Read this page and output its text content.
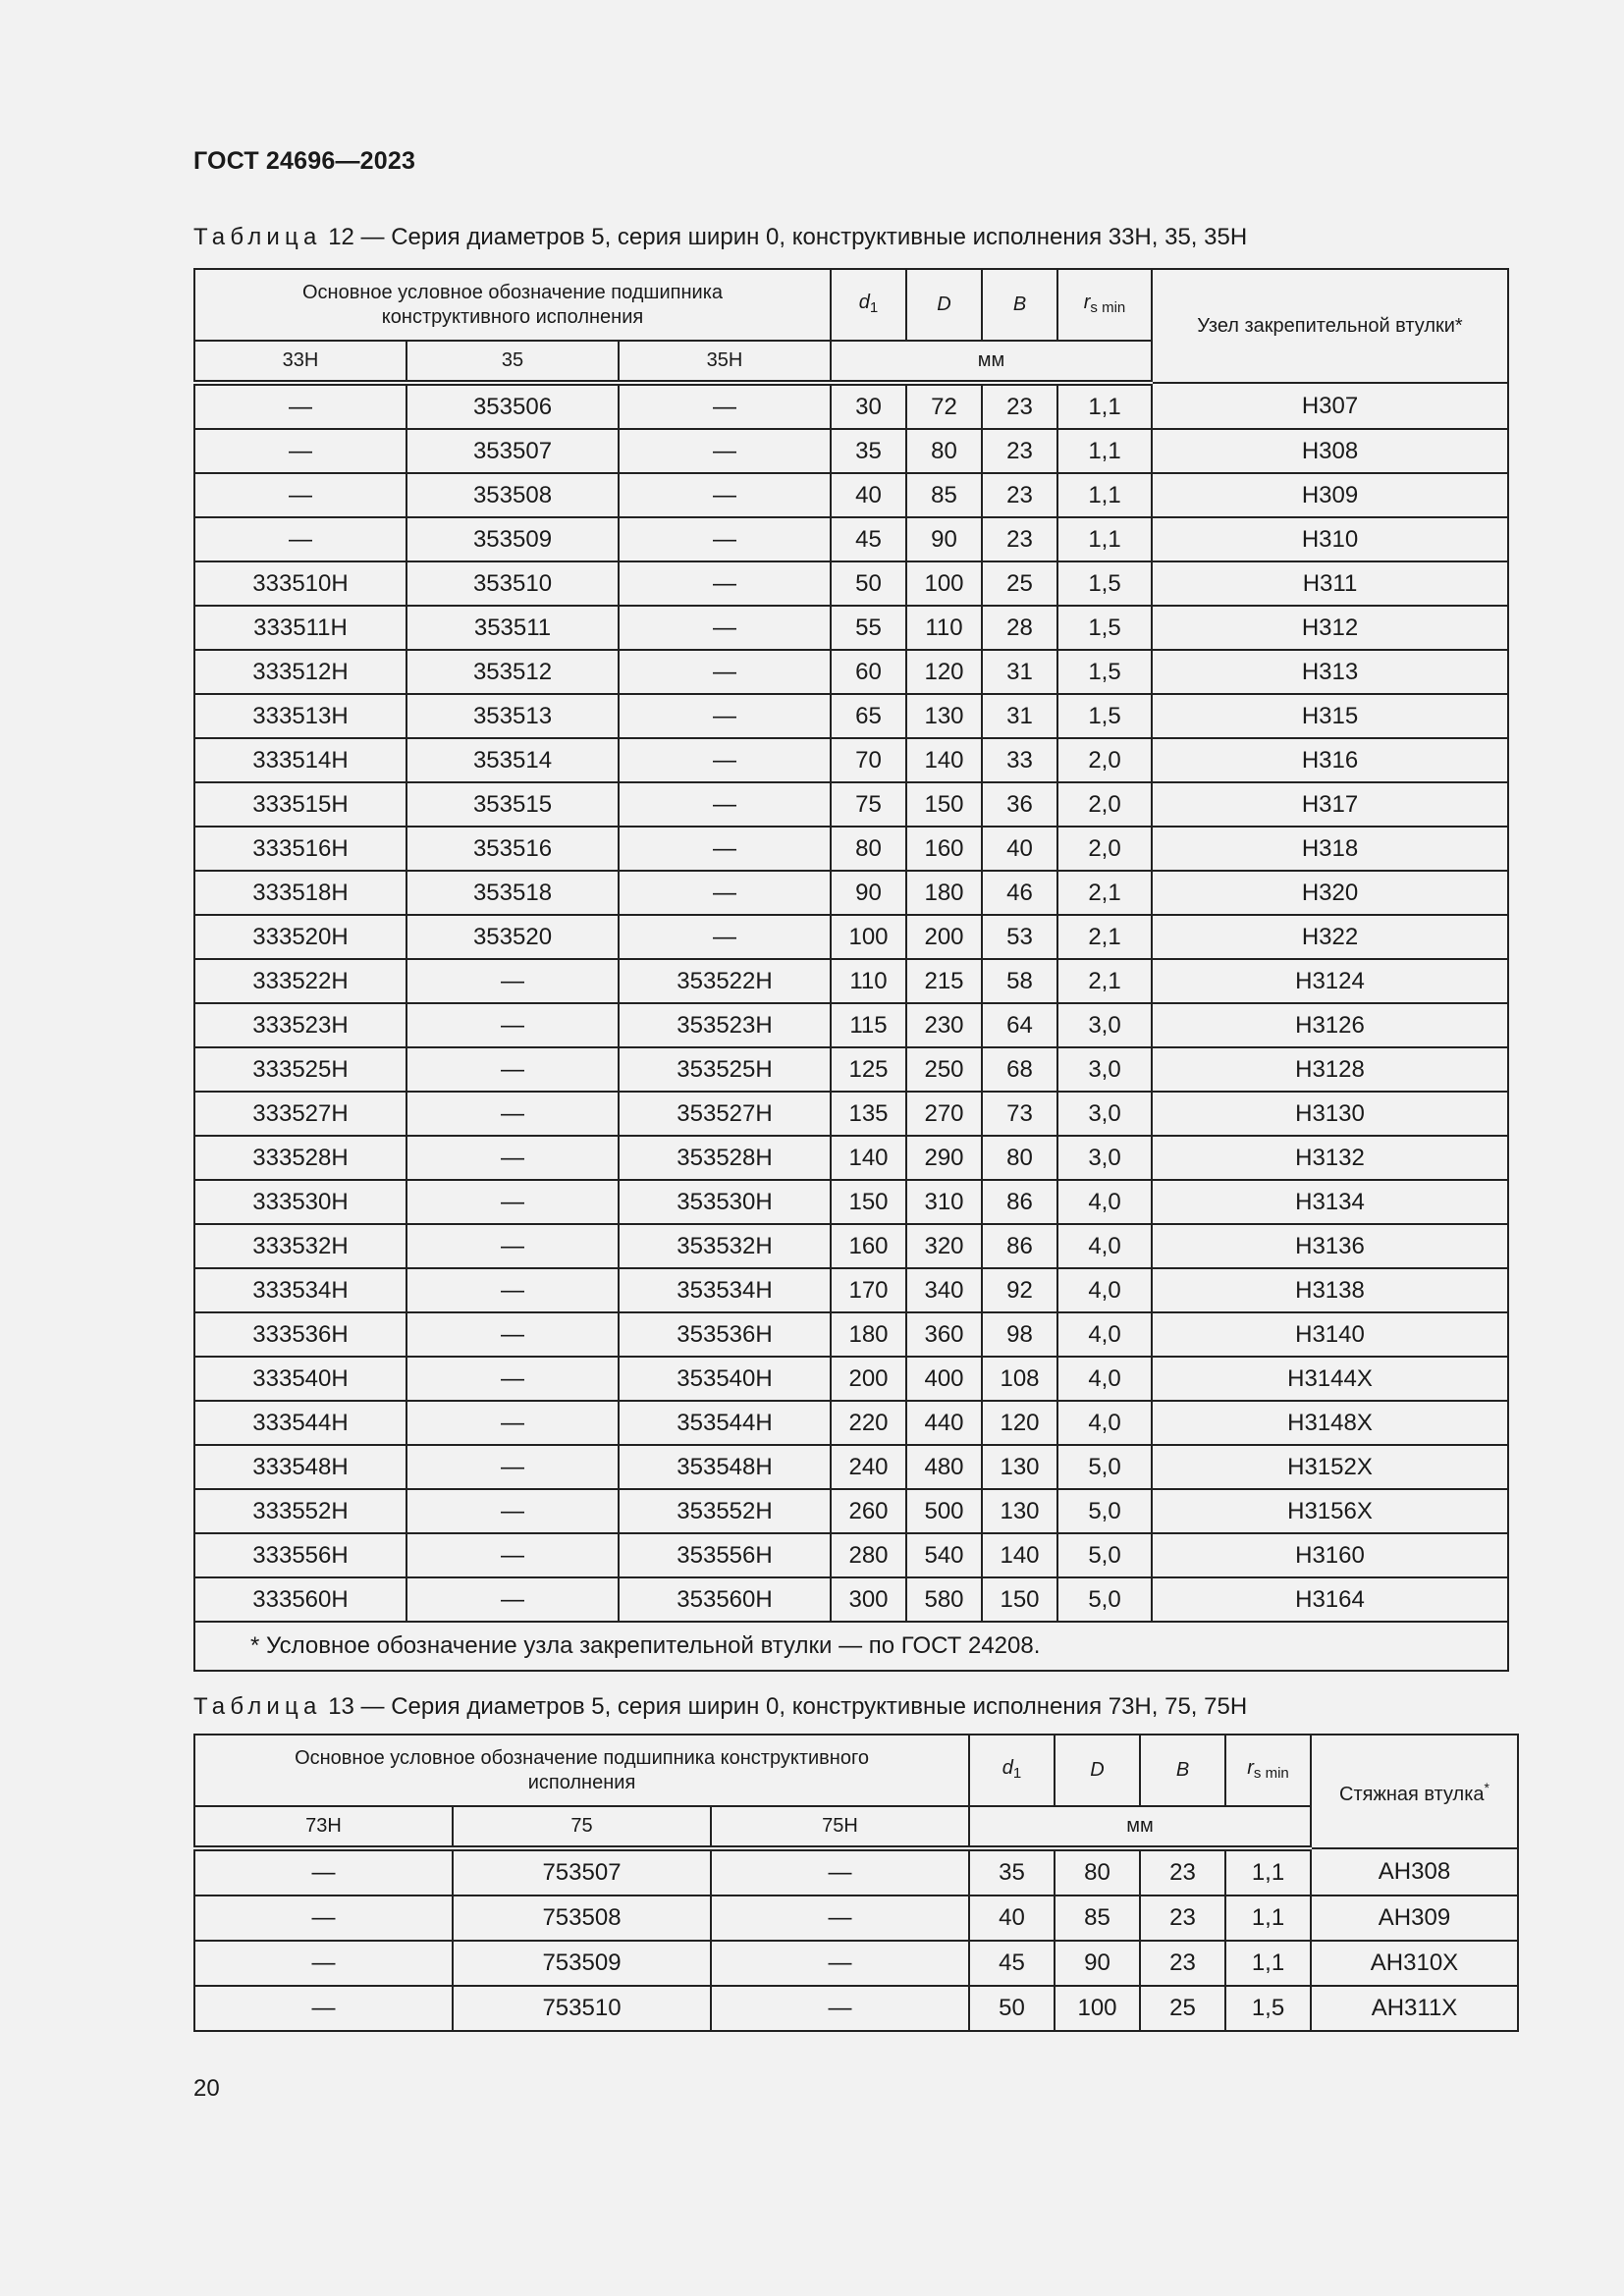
ГОСТ 24696—2023
Таблица 12 — Серия диаметров 5, серия ширин 0, конструктивные исполнения 33Н, 35, 35Н
Основное условное обозначение подшипника конструктивного исполнения			$d_1$	D	B	$r_{s min}$	Узел закрепительной втулки*
33Н	35	35Н	мм				
—	353506	—	30	72	23	1,1	Н307
—	353507	—	35	80	23	1,1	Н308
—	353508	—	40	85	23	1,1	Н309
—	353509	—	45	90	23	1,1	Н310
333510Н	353510	—	50	100	25	1,5	Н311
333511Н	353511	—	55	110	28	1,5	Н312
333512Н	353512	—	60	120	31	1,5	Н313
333513Н	353513	—	65	130	31	1,5	Н315
333514Н	353514	—	70	140	33	2,0	Н316
333515Н	353515	—	75	150	36	2,0	Н317
333516Н	353516	—	80	160	40	2,0	Н318
333518Н	353518	—	90	180	46	2,1	Н320
333520Н	353520	—	100	200	53	2,1	Н322
333522Н	—	353522Н	110	215	58	2,1	Н3124
333523Н	—	353523Н	115	230	64	3,0	Н3126
333525Н	—	353525Н	125	250	68	3,0	Н3128
333527Н	—	353527Н	135	270	73	3,0	Н3130
333528Н	—	353528Н	140	290	80	3,0	Н3132
333530Н	—	353530Н	150	310	86	4,0	Н3134
333532Н	—	353532Н	160	320	86	4,0	Н3136
333534Н	—	353534Н	170	340	92	4,0	Н3138
333536Н	—	353536Н	180	360	98	4,0	Н3140
333540Н	—	353540Н	200	400	108	4,0	Н3144Х
333544Н	—	353544Н	220	440	120	4,0	Н3148Х
333548Н	—	353548Н	240	480	130	5,0	Н3152Х
333552Н	—	353552Н	260	500	130	5,0	Н3156Х
333556Н	—	353556Н	280	540	140	5,0	Н3160
333560Н	—	353560Н	300	580	150	5,0	Н3164
* Условное обозначение узла закрепительной втулки — по ГОСТ 24208.							
Таблица 13 — Серия диаметров 5, серия ширин 0, конструктивные исполнения 73Н, 75, 75Н
Основное условное обозначение подшипника конструктивного исполнения			$d_1$	D	B	$r_{s min}$	Стяжная втулка*
73Н	75	75Н	мм				
—	753507	—	35	80	23	1,1	АН308
—	753508	—	40	85	23	1,1	АН309
—	753509	—	45	90	23	1,1	АН310Х
—	753510	—	50	100	25	1,5	АН311Х
20
